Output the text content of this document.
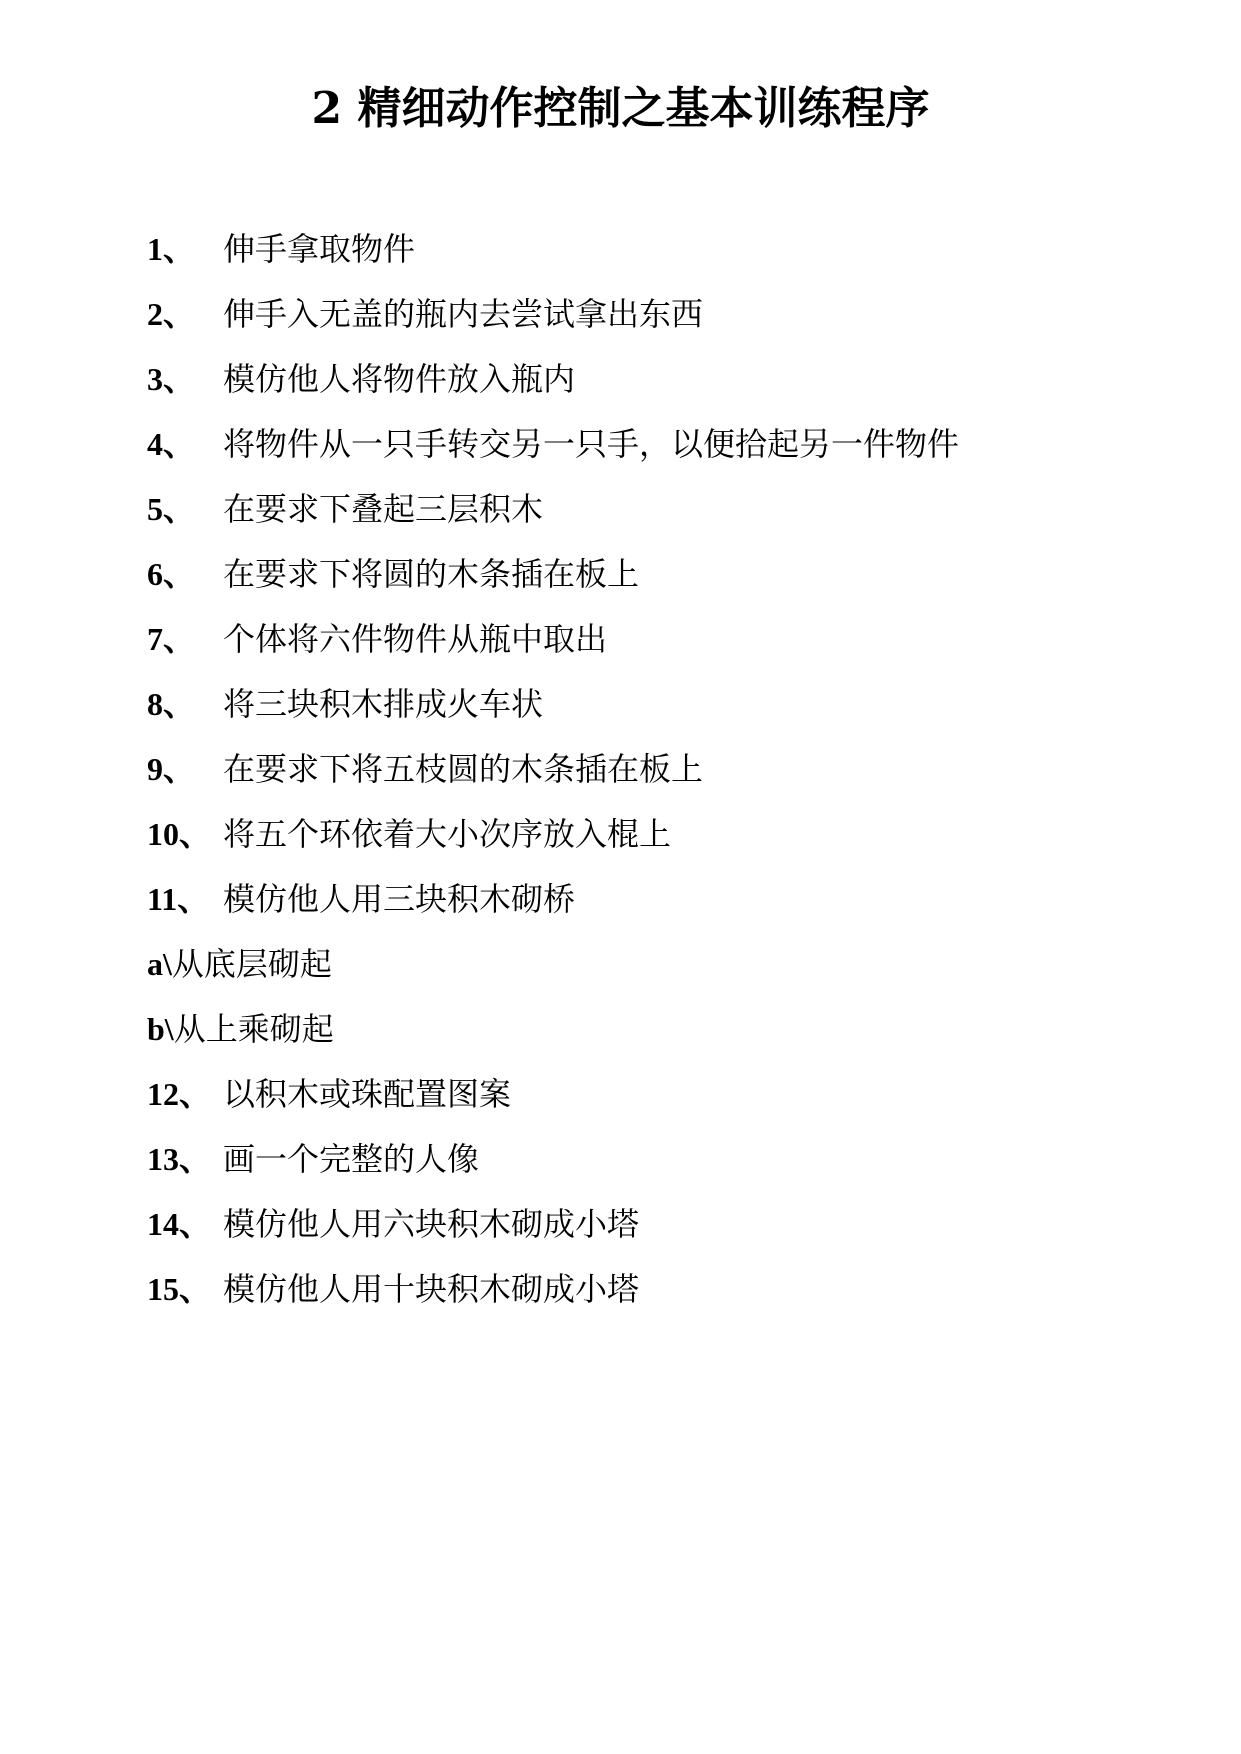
2 精细动作控制之基本训练程序
1、 伸手拿取物件
2、 伸手入无盖的瓶内去尝试拿出东西
3、 模仿他人将物件放入瓶内
4、 将物件从一只手转交另一只手，以便拾起另一件物件
5、 在要求下叠起三层积木
6、 在要求下将圆的木条插在板上
7、 个体将六件物件从瓶中取出
8、 将三块积木排成火车状
9、 在要求下将五枝圆的木条插在板上
10、 将五个环依着大小次序放入棍上
11、 模仿他人用三块积木砌桥
a\ 从底层砌起
b\ 从上乘砌起
12、 以积木或珠配置图案
13、 画一个完整的人像
14、 模仿他人用六块积木砌成小塔
15、 模仿他人用十块积木砌成小塔
